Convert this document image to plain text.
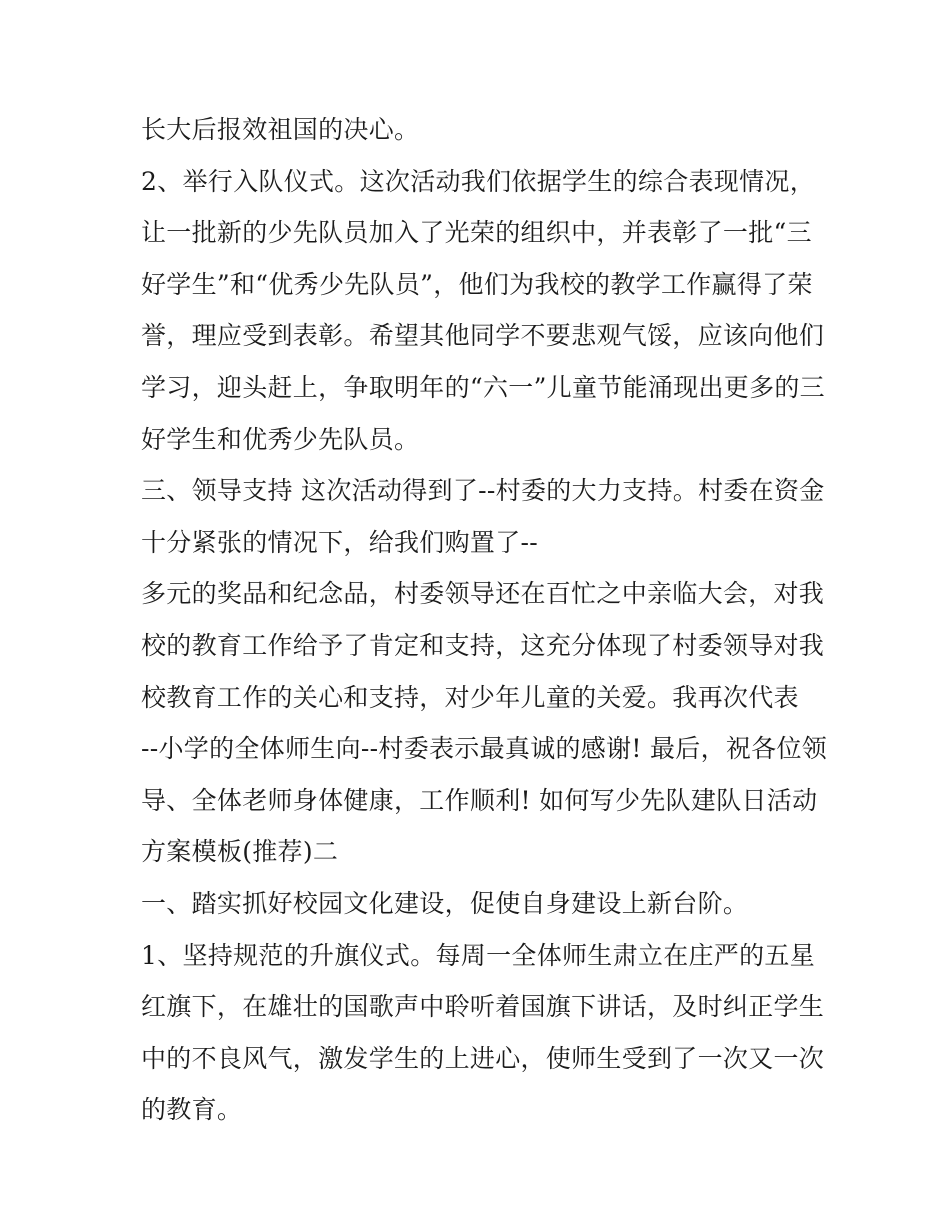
长大后报效祖国的决心。
2、举行入队仪式。这次活动我们依据学生的综合表现情况，
让一批新的少先队员加入了光荣的组织中，并表彰了一批“三
好学生”和“优秀少先队员”，他们为我校的教学工作赢得了荣
誉，理应受到表彰。希望其他同学不要悲观气馁，应该向他们
学习，迎头赶上，争取明年的“六一”儿童节能涌现出更多的三
好学生和优秀少先队员。
三、领导支持 这次活动得到了--村委的大力支持。村委在资金
十分紧张的情况下，给我们购置了--
多元的奖品和纪念品，村委领导还在百忙之中亲临大会，对我
校的教育工作给予了肯定和支持，这充分体现了村委领导对我
校教育工作的关心和支持，对少年儿童的关爱。我再次代表
--小学的全体师生向--村委表示最真诚的感谢! 最后，祝各位领
导、全体老师身体健康，工作顺利! 如何写少先队建队日活动
方案模板(推荐)二
一、踏实抓好校园文化建设，促使自身建设上新台阶。
1、坚持规范的升旗仪式。每周一全体师生肃立在庄严的五星
红旗下，在雄壮的国歌声中聆听着国旗下讲话，及时纠正学生
中的不良风气，激发学生的上进心，使师生受到了一次又一次
的教育。
